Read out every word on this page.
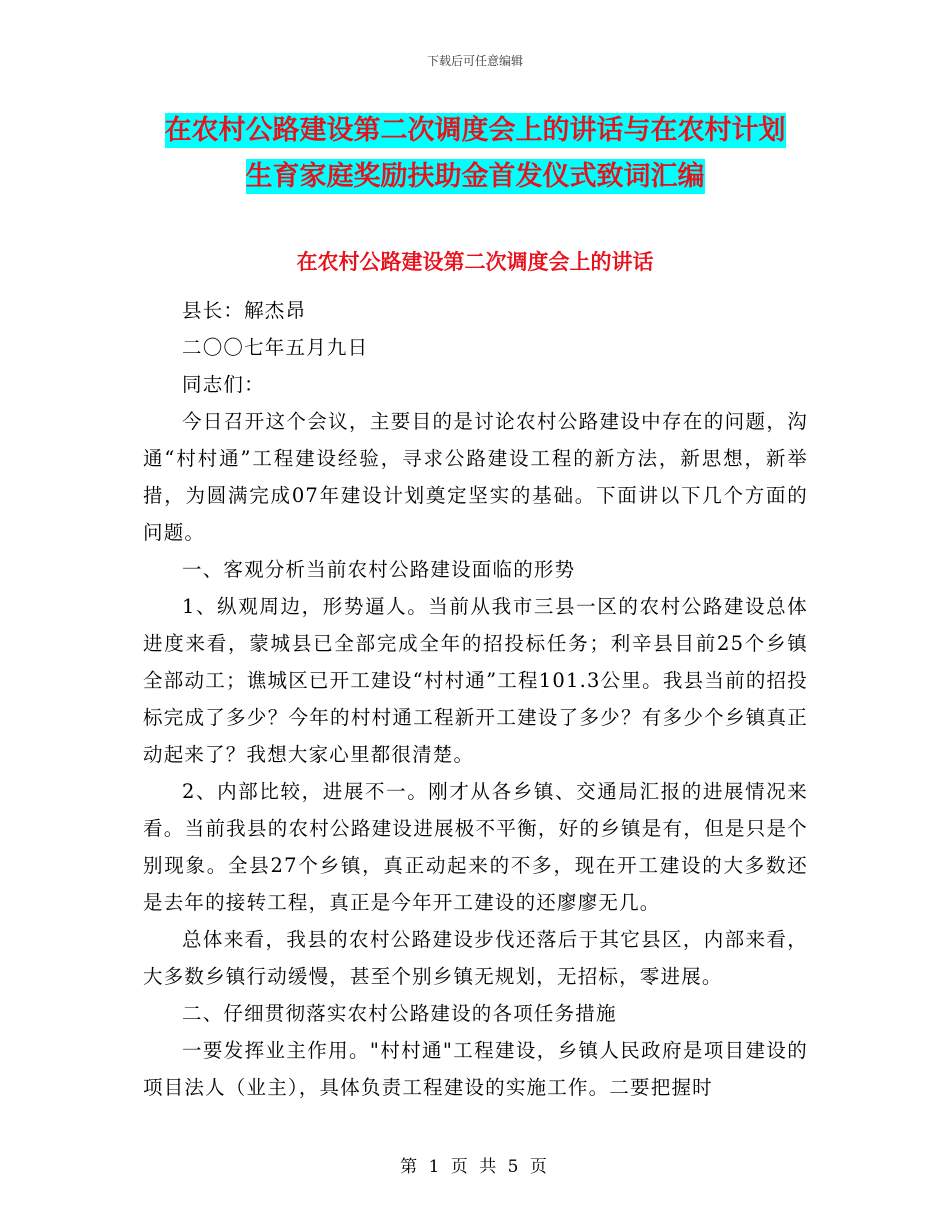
下载后可任意编辑
在农村公路建设第二次调度会上的讲话与在农村计划
生育家庭奖励扶助金首发仪式致词汇编
在农村公路建设第二次调度会上的讲话

县长：解杰昂

二〇〇七年五月九日

同志们：

今日召开这个会议，主要目的是讨论农村公路建设中存在的问题，沟通“村村通”工程建设经验，寻求公路建设工程的新方法，新思想，新举措，为圆满完成07年建设计划奠定坚实的基础。下面讲以下几个方面的问题。

一、客观分析当前农村公路建设面临的形势

1、纵观周边，形势逼人。当前从我市三县一区的农村公路建设总体进度来看，蒙城县已全部完成全年的招投标任务；利辛县目前25个乡镇全部动工；谯城区已开工建设“村村通”工程101.3公里。我县当前的招投标完成了多少？今年的村村通工程新开工建设了多少？有多少个乡镇真正动起来了？我想大家心里都很清楚。

2、内部比较，进展不一。刚才从各乡镇、交通局汇报的进展情况来看。当前我县的农村公路建设进展极不平衡，好的乡镇是有，但是只是个别现象。全县27个乡镇，真正动起来的不多，现在开工建设的大多数还是去年的接转工程，真正是今年开工建设的还廖廖无几。

总体来看，我县的农村公路建设步伐还落后于其它县区，内部来看，大多数乡镇行动缓慢，甚至个别乡镇无规划，无招标，零进展。

二、仔细贯彻落实农村公路建设的各项任务措施

一要发挥业主作用。"村村通"工程建设，乡镇人民政府是项目建设的项目法人（业主），具体负责工程建设的实施工作。二要把握时

第 1 页 共 5 页
